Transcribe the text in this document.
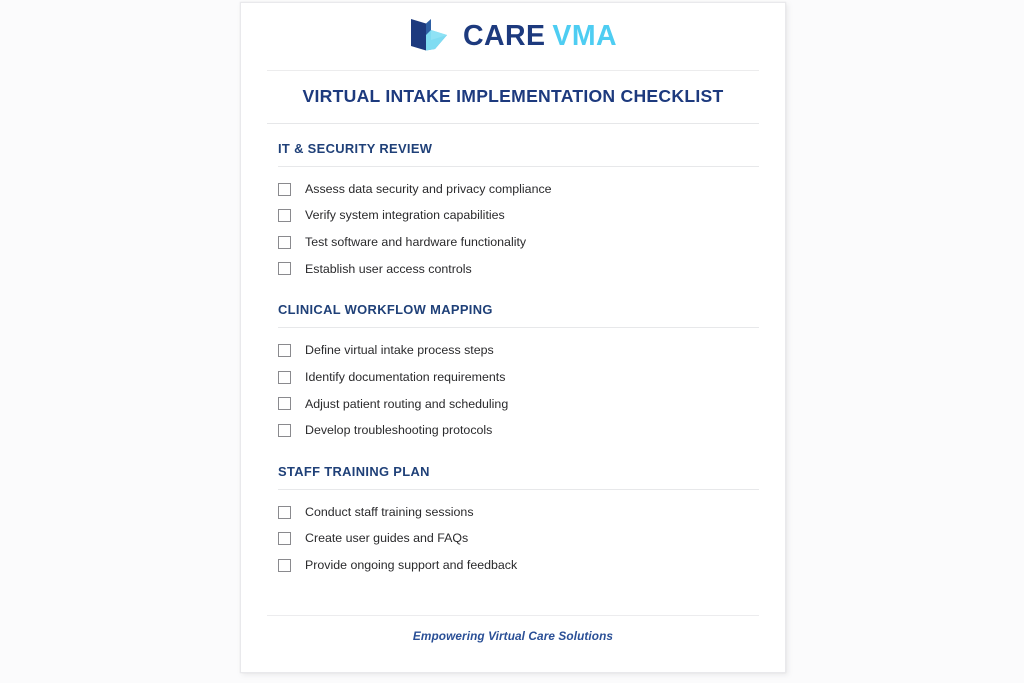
CARE VMA
VIRTUAL INTAKE IMPLEMENTATION CHECKLIST
IT & SECURITY REVIEW
Assess data security and privacy compliance
Verify system integration capabilities
Test software and hardware functionality
Establish user access controls
CLINICAL WORKFLOW MAPPING
Define virtual intake process steps
Identify documentation requirements
Adjust patient routing and scheduling
Develop troubleshooting protocols
STAFF TRAINING PLAN
Conduct staff training sessions
Create user guides and FAQs
Provide ongoing support and feedback
Empowering Virtual Care Solutions
